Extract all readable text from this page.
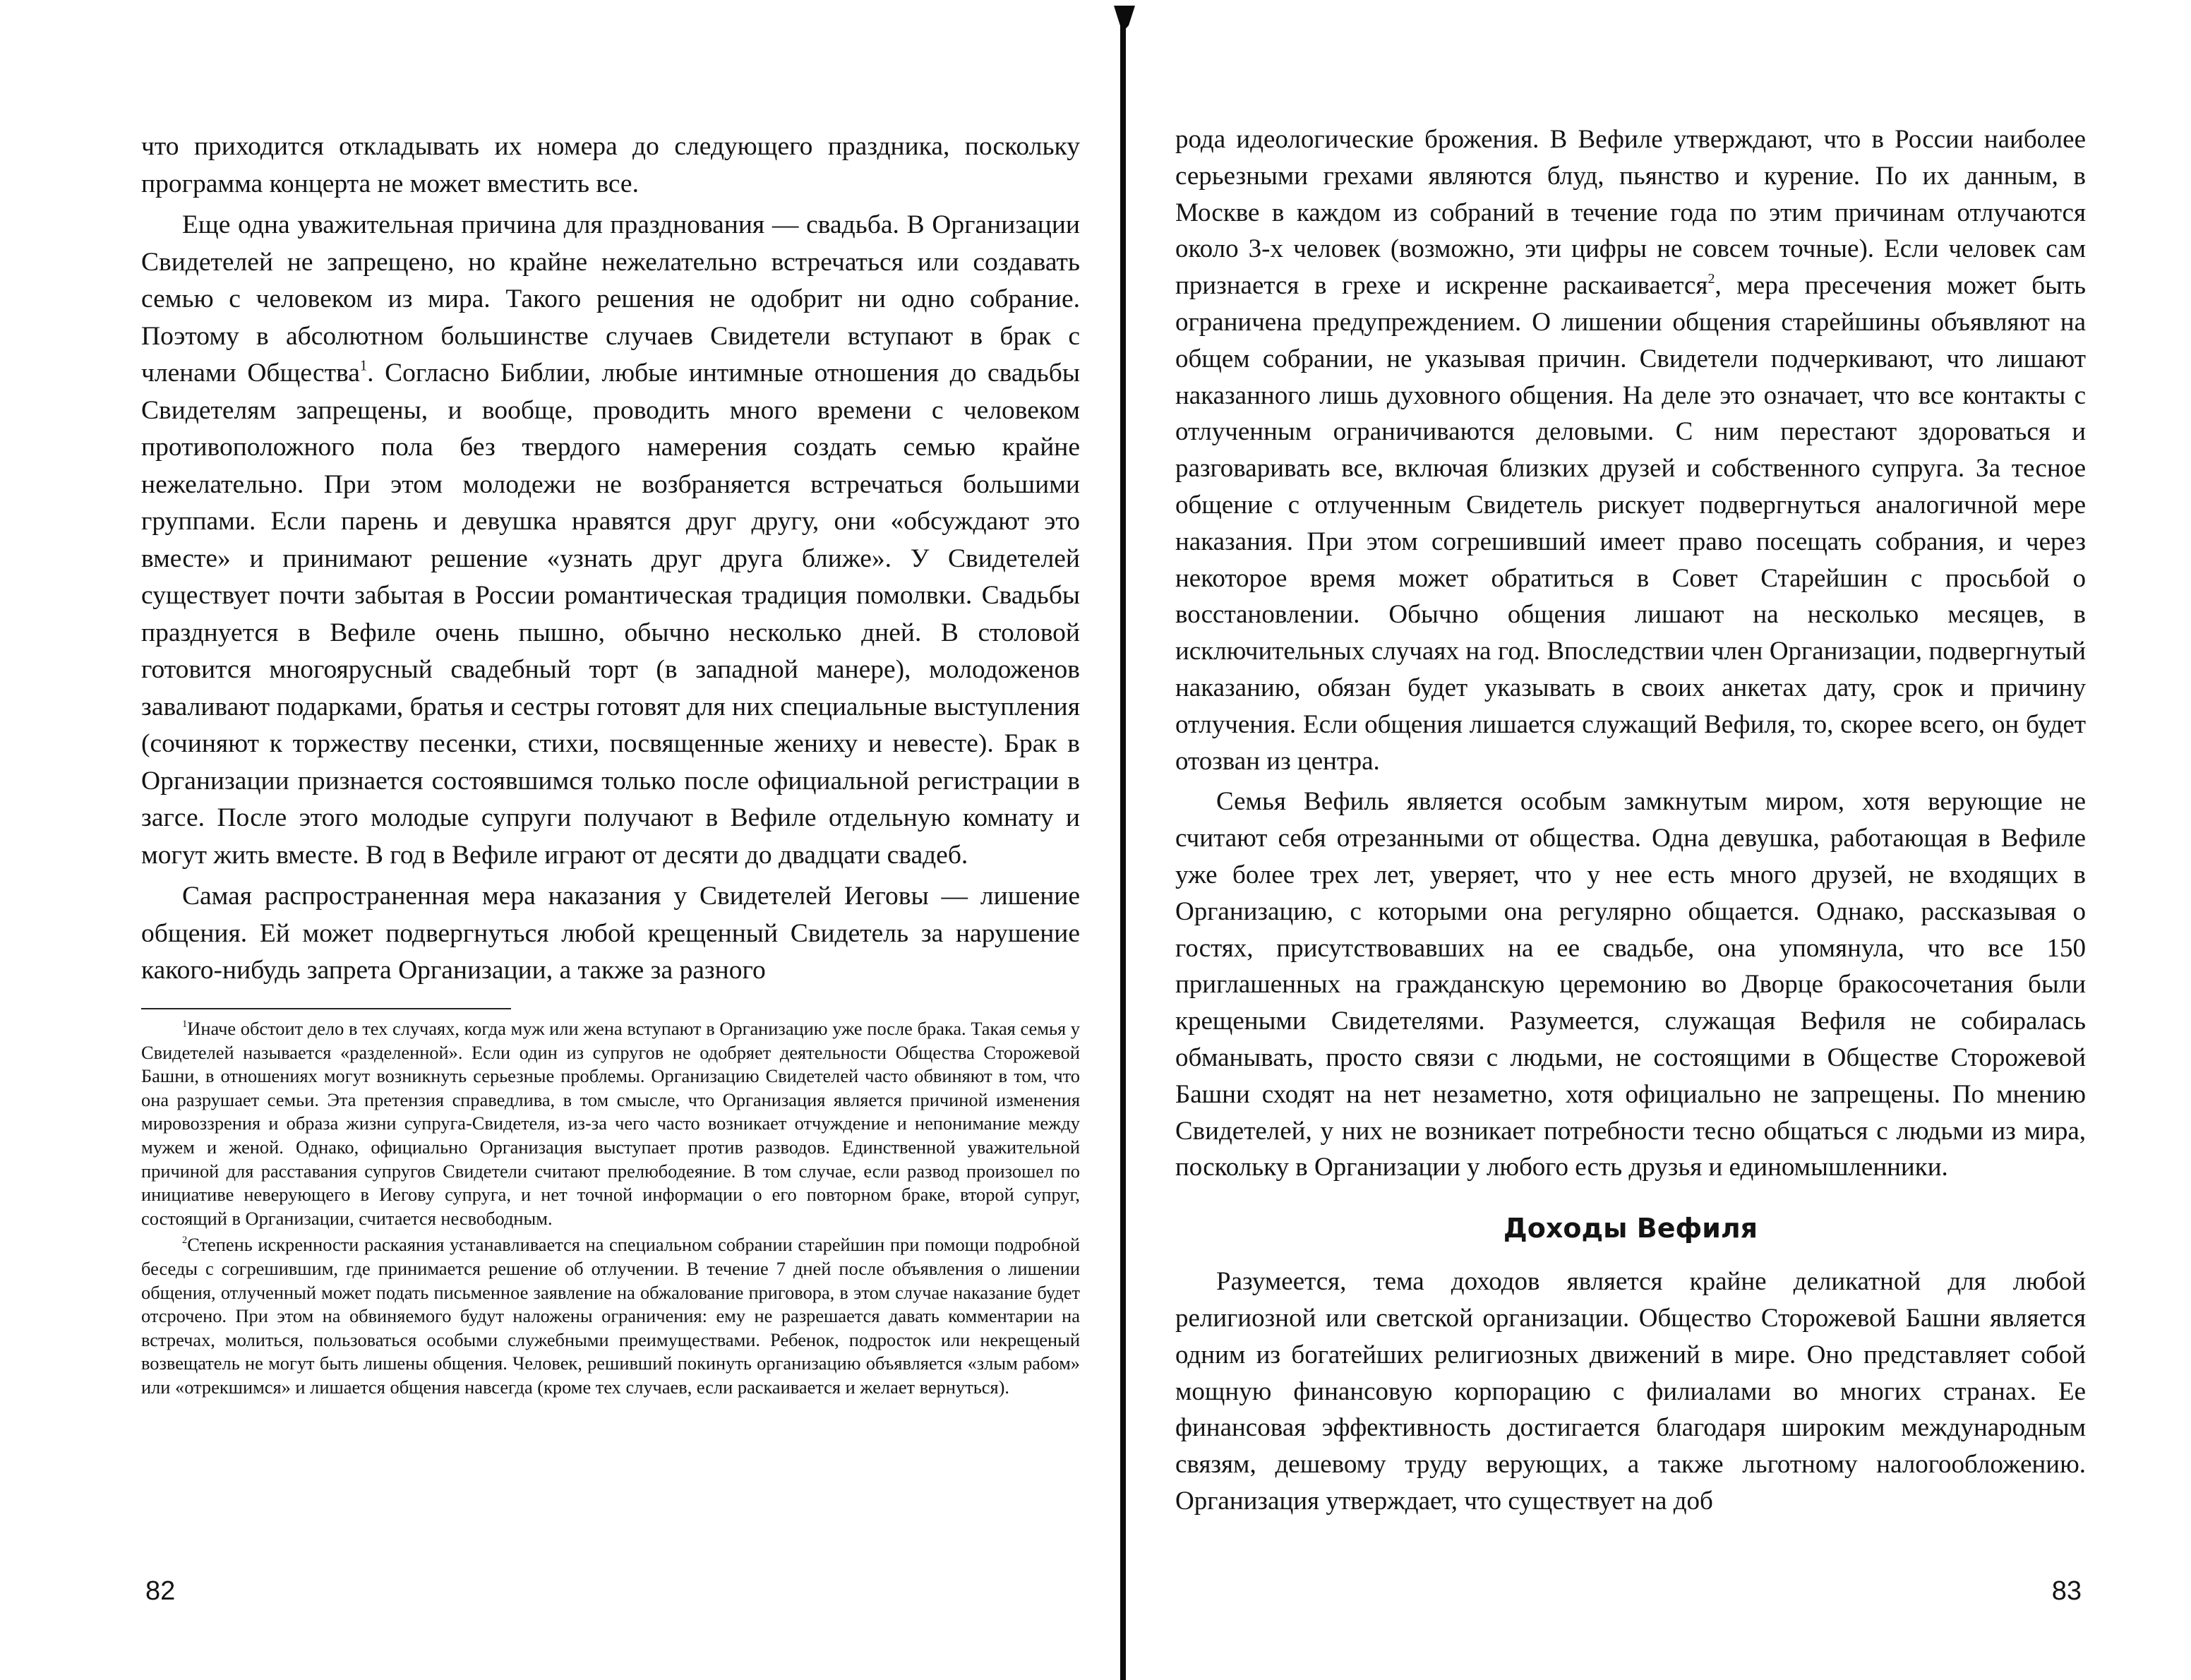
что приходится откладывать их номера до следующего праздника, поскольку программа концерта не может вместить все.

Еще одна уважительная причина для празднования — свадьба. В Организации Свидетелей не запрещено, но крайне нежелательно встречаться или создавать семью с человеком из мира. Такого решения не одобрит ни одно собрание. Поэтому в абсолютном большинстве случаев Свидетели вступают в брак с членами Общества$^1$. Согласно Библии, любые интимные отношения до свадьбы Свидетелям запрещены, и вообще, проводить много времени с человеком противоположного пола без твердого намерения создать семью крайне нежелательно. При этом молодежи не возбраняется встречаться большими группами. Если парень и девушка нравятся друг другу, они «обсуждают это вместе» и принимают решение «узнать друг друга ближе». У Свидетелей существует почти забытая в России романтическая традиция помолвки. Свадьбы празднуется в Вефиле очень пышно, обычно несколько дней. В столовой готовится многоярусный свадебный торт (в западной манере), молодоженов заваливают подарками, братья и сестры готовят для них специальные выступления (сочиняют к торжеству песенки, стихи, посвященные жениху и невесте). Брак в Организации признается состоявшимся только после официальной регистрации в загсе. После этого молодые супруги получают в Вефиле отдельную комнату и могут жить вместе. В год в Вефиле играют от десяти до двадцати свадеб.

Самая распространенная мера наказания у Свидетелей Иеговы — лишение общения. Ей может подвергнуться любой крещенный Свидетель за нарушение какого-нибудь запрета Организации, а также за разного

$^1$Иначе обстоит дело в тех случаях, когда муж или жена вступают в Организацию уже после брака. Такая семья у Свидетелей называется «разделенной». Если один из супругов не одобряет деятельности Общества Сторожевой Башни, в отношениях могут возникнуть серьезные проблемы. Организацию Свидетелей часто обвиняют в том, что она разрушает семьи. Эта претензия справедлива, в том смысле, что Организация является причиной изменения мировоззрения и образа жизни супруга-Свидетеля, из-за чего часто возникает отчуждение и непонимание между мужем и женой. Однако, официально Организация выступает против разводов. Единственной уважительной причиной для расставания супругов Свидетели считают прелюбодеяние. В том случае, если развод произошел по инициативе неверующего в Иегову супруга, и нет точной информации о его повторном браке, второй супруг, состоящий в Организации, считается несвободным.

$^2$Степень искренности раскаяния устанавливается на специальном собрании старейшин при помощи подробной беседы с согрешившим, где принимается решение об отлучении. В течение 7 дней после объявления о лишении общения, отлученный может подать письменное заявление на обжалование приговора, в этом случае наказание будет отсрочено. При этом на обвиняемого будут наложены ограничения: ему не разрешается давать комментарии на встречах, молиться, пользоваться особыми служебными преимуществами. Ребенок, подросток или некрещеный возвещатель не могут быть лишены общения. Человек, решивший покинуть организацию объявляется «злым рабом» или «отрекшимся» и лишается общения навсегда (кроме тех случаев, если раскаивается и желает вернуться).

82

рода идеологические брожения. В Вефиле утверждают, что в России наиболее серьезными грехами являются блуд, пьянство и курение. По их данным, в Москве в каждом из собраний в течение года по этим причинам отлучаются около 3-х человек (возможно, эти цифры не совсем точные). Если человек сам признается в грехе и искренне раскаивается$^2$, мера пресечения может быть ограничена предупреждением. О лишении общения старейшины объявляют на общем собрании, не указывая причин. Свидетели подчеркивают, что лишают наказанного лишь духовного общения. На деле это означает, что все контакты с отлученным ограничиваются деловыми. С ним перестают здороваться и разговаривать все, включая близких друзей и собственного супруга. За тесное общение с отлученным Свидетель рискует подвергнуться аналогичной мере наказания. При этом согрешивший имеет право посещать собрания, и через некоторое время может обратиться в Совет Старейшин с просьбой о восстановлении. Обычно общения лишают на несколько месяцев, в исключительных случаях на год. Впоследствии член Организации, подвергнутый наказанию, обязан будет указывать в своих анкетах дату, срок и причину отлучения. Если общения лишается служащий Вефиля, то, скорее всего, он будет отозван из центра.

Семья Вефиль является особым замкнутым миром, хотя верующие не считают себя отрезанными от общества. Одна девушка, работающая в Вефиле уже более трех лет, уверяет, что у нее есть много друзей, не входящих в Организацию, с которыми она регулярно общается. Однако, рассказывая о гостях, присутствовавших на ее свадьбе, она упомянула, что все 150 приглашенных на гражданскую церемонию во Дворце бракосочетания были крещеными Свидетелями. Разумеется, служащая Вефиля не собиралась обманывать, просто связи с людьми, не состоящими в Обществе Сторожевой Башни сходят на нет незаметно, хотя официально не запрещены. По мнению Свидетелей, у них не возникает потребности тесно общаться с людьми из мира, поскольку в Организации у любого есть друзья и единомышленники.

Доходы Вефиля

Разумеется, тема доходов является крайне деликатной для любой религиозной или светской организации. Общество Сторожевой Башни является одним из богатейших религиозных движений в мире. Оно представляет собой мощную финансовую корпорацию с филиалами во многих странах. Ее финансовая эффективность достигается благодаря широким международным связям, дешевому труду верующих, а также льготному налогообложению. Организация утверждает, что существует на доб

83
